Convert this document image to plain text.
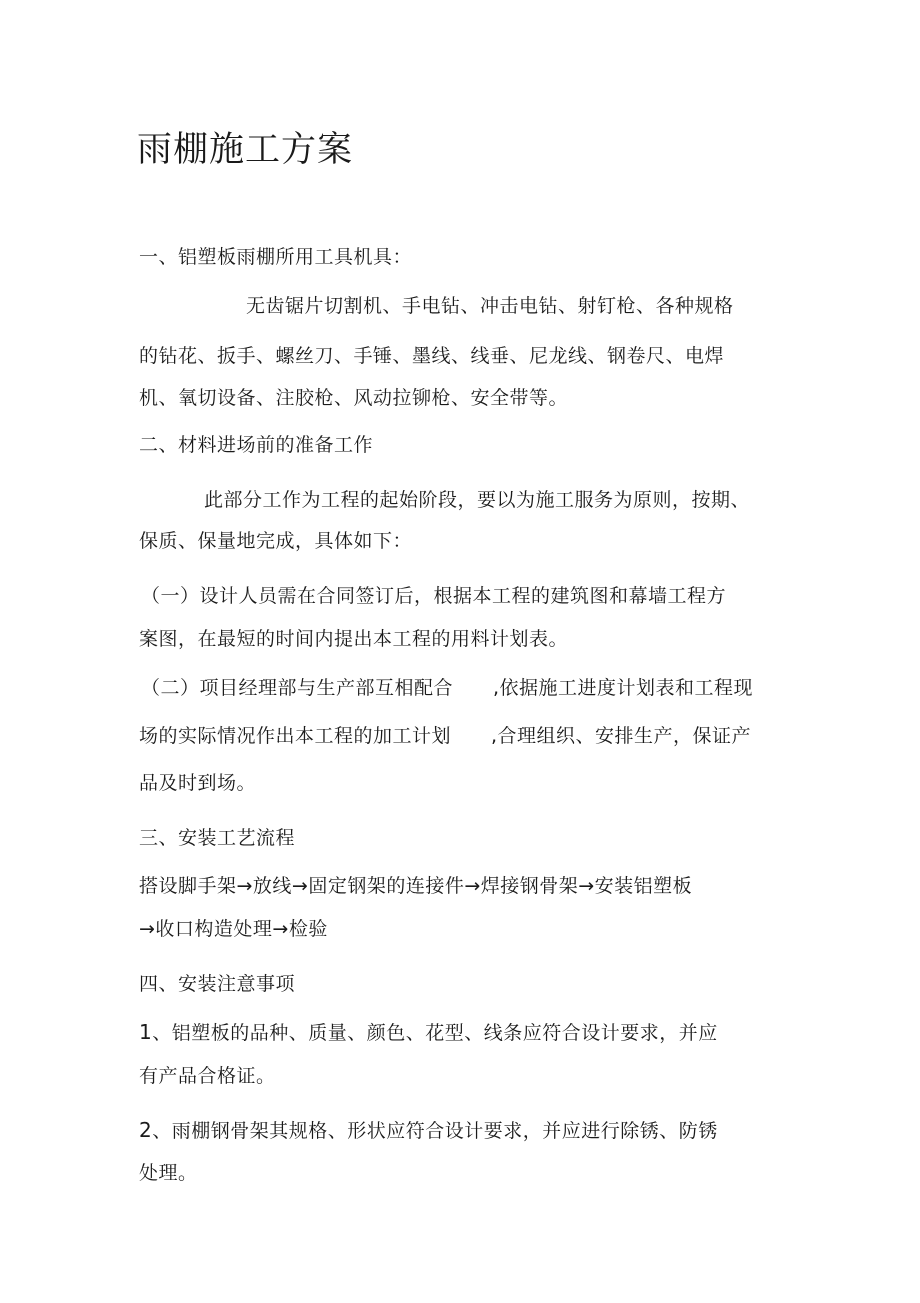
雨棚施工方案
一、铝塑板雨棚所用工具机具：
无齿锯片切割机、手电钻、冲击电钻、射钉枪、各种规格
的钻花、扳手、螺丝刀、手锤、墨线、线垂、尼龙线、钢卷尺、电焊
机、氧切设备、注胶枪、风动拉铆枪、安全带等。
二、材料进场前的准备工作
此部分工作为工程的起始阶段，要以为施工服务为原则，按期、
保质、保量地完成，具体如下：
（一）设计人员需在合同签订后，根据本工程的建筑图和幕墙工程方
案图，在最短的时间内提出本工程的用料计划表。
（二）项目经理部与生产部互相配合 ,依据施工进度计划表和工程现
场的实际情况作出本工程的加工计划 ,合理组织、安排生产，保证产
品及时到场。
三、安装工艺流程
搭设脚手架→放线→固定钢架的连接件→焊接钢骨架→安装铝塑板
→收口构造处理→检验
四、安装注意事项
1、铝塑板的品种、质量、颜色、花型、线条应符合设计要求，并应
有产品合格证。
2、雨棚钢骨架其规格、形状应符合设计要求，并应进行除锈、防锈
处理。
